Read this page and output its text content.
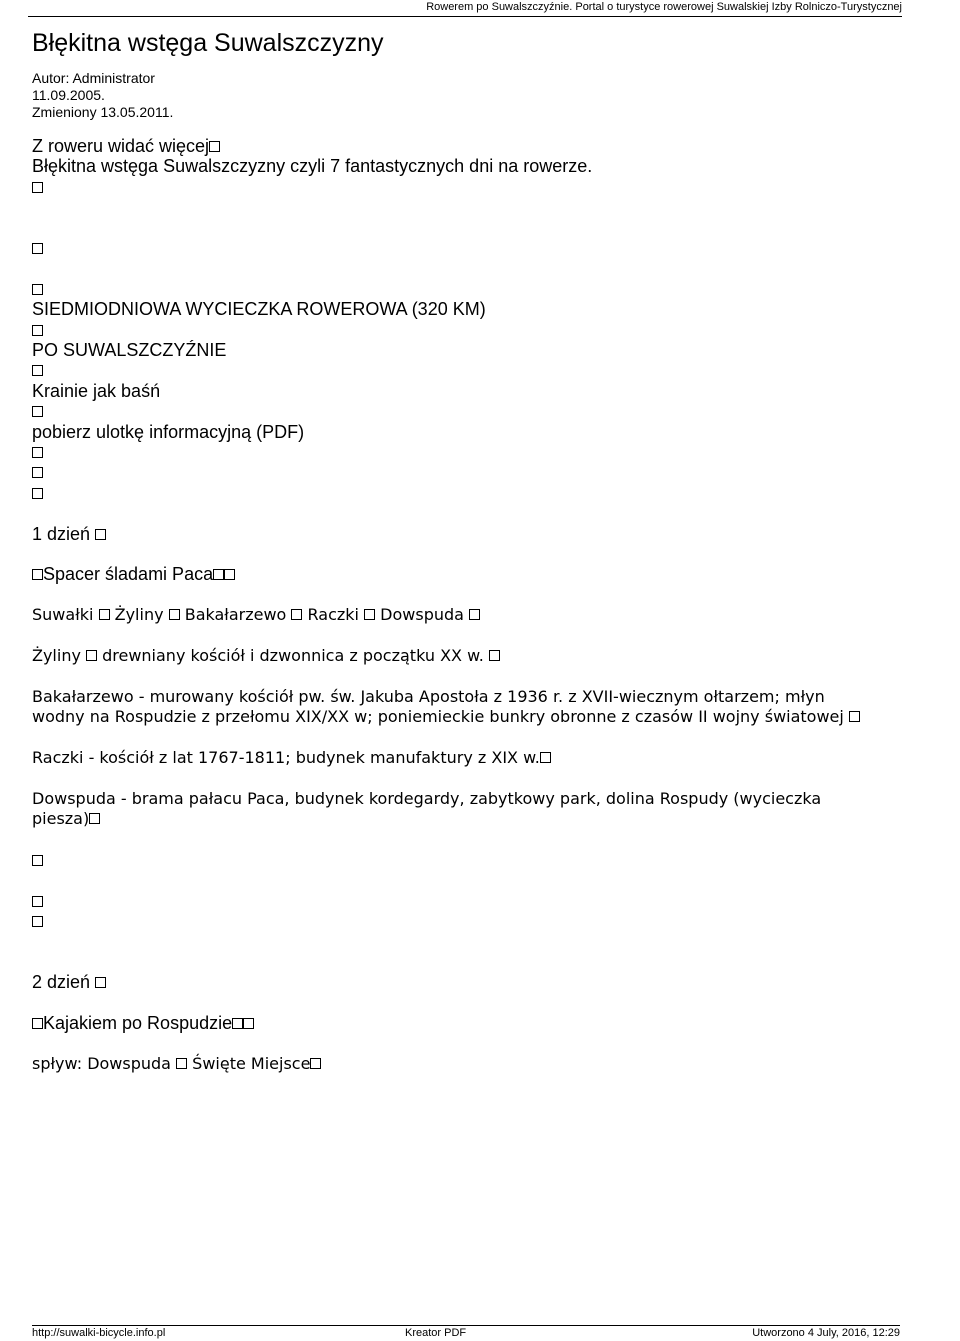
Rowerem po Suwalszczyźnie. Portal o turystyce rowerowej Suwalskiej Izby Rolniczo-Turystycznej
Błękitna wstęga Suwalszczyzny
Autor: Administrator
11.09.2005.
Zmieniony 13.05.2011.
Z roweru widać więcej
Błękitna wstęga Suwalszczyzny czyli 7 fantastycznych dni na rowerze.
SIEDMIODNIOWA WYCIECZKA ROWEROWA (320 KM)
PO SUWALSZCZYŹNIE
Krainie jak baśń
pobierz ulotkę informacyjną (PDF)
1 dzień
Spacer śladami Paca
Suwałki  Żyliny  Bakałarzewo  Raczki  Dowspuda
Żyliny  drewniany kościół i dzwonnica z początku XX w.
Bakałarzewo - murowany kościół pw. św. Jakuba Apostoła z 1936 r. z XVII-wiecznym ołtarzem; młyn
wodny na Rospudzie z przełomu XIX/XX w; poniemieckie bunkry obronne z czasów II wojny światowej
Raczki - kościół z lat 1767-1811; budynek manufaktury z XIX w.
Dowspuda - brama pałacu Paca, budynek kordegardy, zabytkowy park, dolina Rospudy (wycieczka
piesza)
2 dzień
Kajakiem po Rospudzie
spływ: Dowspuda  Święte Miejsce
http://suwalki-bicycle.info.pl	Kreator PDF	Utworzono 4 July, 2016, 12:29
